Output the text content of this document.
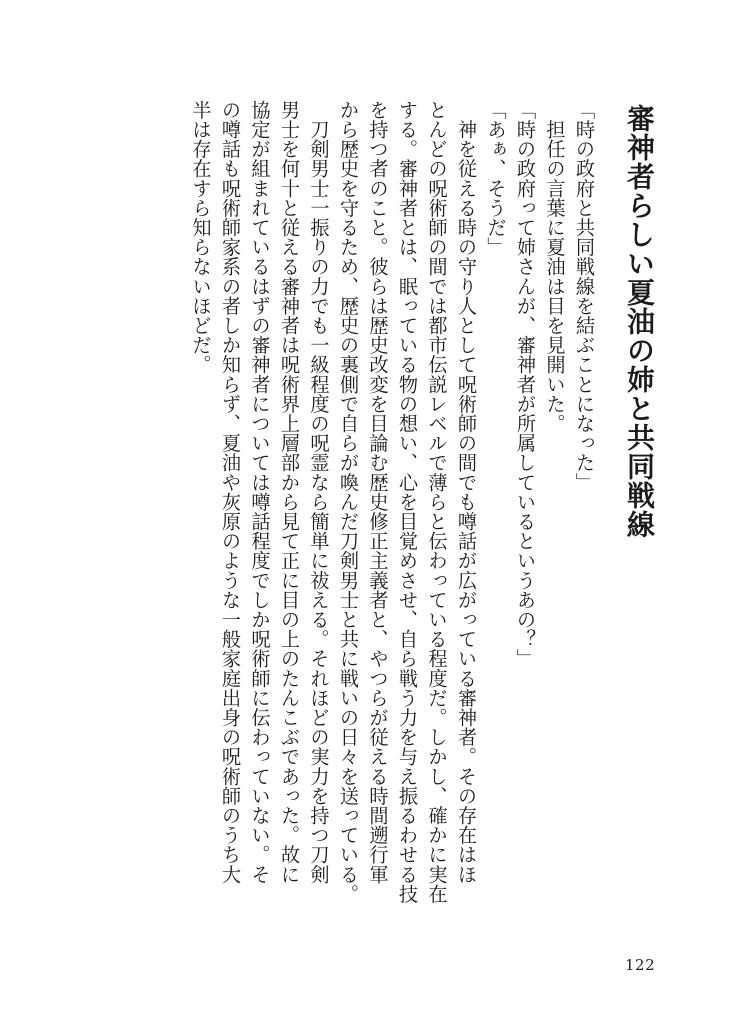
審神者らしい夏油の姉と共同戦線

「時の政府と共同戦線を結ぶことになった」

　担任の言葉に夏油は目を見開いた。

「時の政府って姉さんが、審神者が所属しているというあの？」

「あぁ、そうだ」

　神を従える時の守り人として呪術師の間でも噂話が広がっている審神者。その存在はほ

とんどの呪術師の間では都市伝説レベルで薄らと伝わっている程度だ。しかし、確かに実在

する。審神者とは、眠っている物の想い、心を目覚めさせ、自ら戦う力を与え振るわせる技

を持つ者のこと。彼らは歴史改変を目論む歴史修正主義者と、やつらが従える時間遡行軍

から歴史を守るため、歴史の裏側で自らが喚んだ刀剣男士と共に戦いの日々を送っている。

　刀剣男士一振りの力でも一級程度の呪霊なら簡単に祓える。それほどの実力を持つ刀剣

男士を何十と従える審神者は呪術界上層部から見て正に目の上のたんこぶであった。故に

協定が組まれているはずの審神者については噂話程度でしか呪術師に伝わっていない。そ

の噂話も呪術師家系の者しか知らず、夏油や灰原のような一般家庭出身の呪術師のうち大

半は存在すら知らないほどだ。

122
